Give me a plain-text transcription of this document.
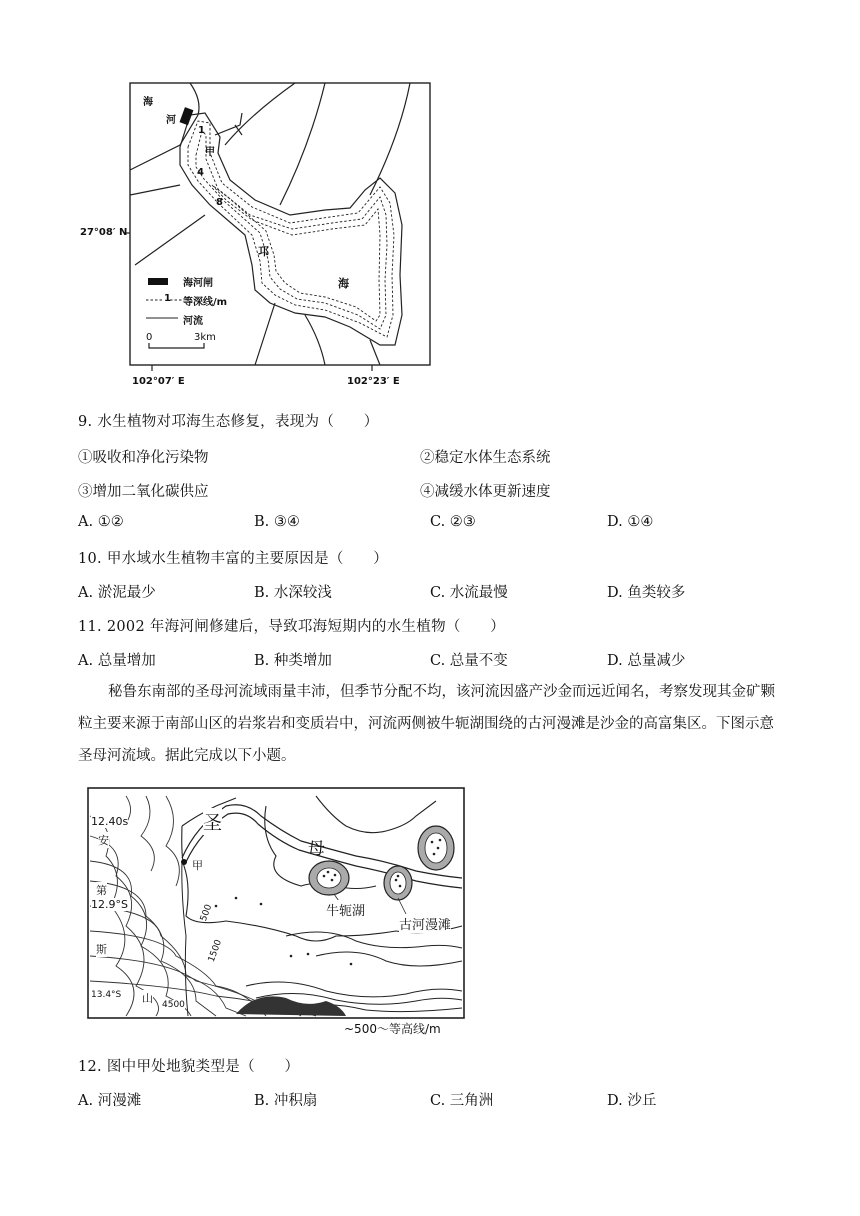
海
河
1
甲
4
8
邛
海
海河闸
1 等深线/m
河流
0	3km
27°08′ N
102°07′ E	102°23′ E
9. 水生植物对邛海生态修复，表现为（　　）
①吸收和净化污染物	②稳定水体生态系统
③增加二氧化碳供应	④减缓水体更新速度
A. ①②	B. ③④	C. ②③	D. ①④
10. 甲水域水生植物丰富的主要原因是（　　）
A. 淤泥最少	B. 水深较浅	C. 水流最慢	D. 鱼类较多
11. 2002 年海河闸修建后，导致邛海短期内的水生植物（　　）
A. 总量增加	B. 种类增加	C. 总量不变	D. 总量减少
秘鲁东南部的圣母河流域雨量丰沛，但季节分配不均，该河流因盛产沙金而远近闻名，考察发现其金矿颗粒主要来源于南部山区的岩浆岩和变质岩中，河流两侧被牛轭湖围绕的古河漫滩是沙金的高富集区。下图示意圣母河流域。据此完成以下小题。
12.40s
安
甲
第
12.9°S
斯
13.4°S 山 4500
500
1500
圣
母
牛轭湖
古河漫滩
~500～等高线/m
12. 图中甲处地貌类型是（　　）
A. 河漫滩	B. 冲积扇	C. 三角洲	D. 沙丘
